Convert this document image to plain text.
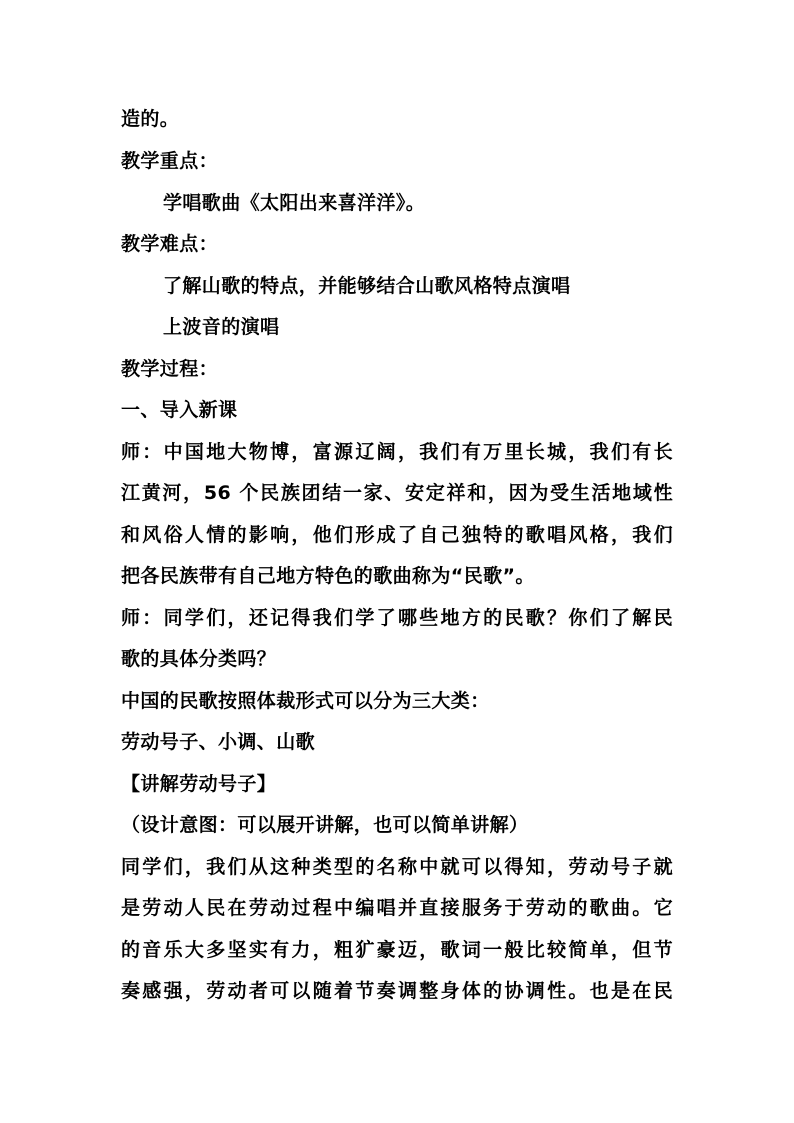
造的。

教学重点：

学唱歌曲《太阳出来喜洋洋》。

教学难点：

了解山歌的特点，并能够结合山歌风格特点演唱

上波音的演唱

教学过程：

一、导入新课

师：中国地大物博，富源辽阔，我们有万里长城，我们有长

江黄河，56 个民族团结一家、安定祥和，因为受生活地域性

和风俗人情的影响，他们形成了自己独特的歌唱风格，我们

把各民族带有自己地方特色的歌曲称为“民歌”。

师：同学们，还记得我们学了哪些地方的民歌？你们了解民

歌的具体分类吗？

中国的民歌按照体裁形式可以分为三大类：

劳动号子、小调、山歌

【讲解劳动号子】

（设计意图：可以展开讲解，也可以简单讲解）

同学们，我们从这种类型的名称中就可以得知，劳动号子就

是劳动人民在劳动过程中编唱并直接服务于劳动的歌曲。它

的音乐大多坚实有力，粗犷豪迈，歌词一般比较简单，但节

奏感强，劳动者可以随着节奏调整身体的协调性。也是在民
